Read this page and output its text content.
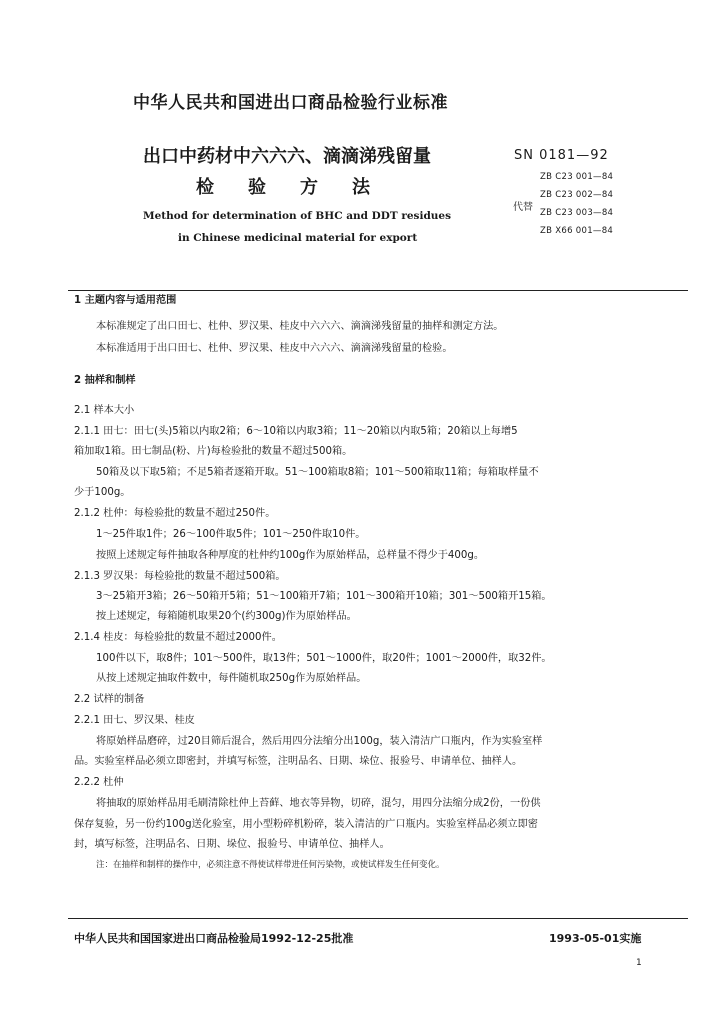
中华人民共和国进出口商品检验行业标准
出口中药材中六六六、滴滴涕残留量
检验方法
Method for determination of BHC and DDT residues
in Chinese medicinal material for export
SN 0181—92
代替
ZB C23 001—84
ZB C23 002—84
ZB C23 003—84
ZB X66 001—84
1 主题内容与适用范围
本标准规定了出口田七、杜仲、罗汉果、桂皮中六六六、滴滴涕残留量的抽样和测定方法。
本标准适用于出口田七、杜仲、罗汉果、桂皮中六六六、滴滴涕残留量的检验。
2 抽样和制样
2.1 样本大小
2.1.1 田七：田七(头)5箱以内取2箱；6～10箱以内取3箱；11～20箱以内取5箱；20箱以上每增5
箱加取1箱。田七制品(粉、片)每检验批的数量不超过500箱。
50箱及以下取5箱；不足5箱者逐箱开取。51～100箱取8箱；101～500箱取11箱；每箱取样量不
少于100g。
2.1.2 杜仲：每检验批的数量不超过250件。
1～25件取1件；26～100件取5件；101～250件取10件。
按照上述规定每件抽取各种厚度的杜仲约100g作为原始样品，总样量不得少于400g。
2.1.3 罗汉果：每检验批的数量不超过500箱。
3～25箱开3箱；26～50箱开5箱；51～100箱开7箱；101～300箱开10箱；301～500箱开15箱。
按上述规定，每箱随机取果20个(约300g)作为原始样品。
2.1.4 桂皮：每检验批的数量不超过2000件。
100件以下，取8件；101～500件，取13件；501～1000件，取20件；1001～2000件，取32件。
从按上述规定抽取件数中，每件随机取250g作为原始样品。
2.2 试样的制备
2.2.1 田七、罗汉果、桂皮
将原始样品磨碎，过20目筛后混合，然后用四分法缩分出100g，装入清洁广口瓶内，作为实验室样
品。实验室样品必须立即密封，并填写标签，注明品名、日期、垛位、报验号、申请单位、抽样人。
2.2.2 杜仲
将抽取的原始样品用毛刷清除杜仲上苔藓、地衣等异物，切碎，混匀，用四分法缩分成2份，一份供
保存复验，另一份约100g送化验室，用小型粉碎机粉碎，装入清洁的广口瓶内。实验室样品必须立即密
封，填写标签，注明品名、日期、垛位、报验号、申请单位、抽样人。
注：在抽样和制样的操作中，必须注意不得使试样带进任何污染物，或使试样发生任何变化。
中华人民共和国国家进出口商品检验局1992-12-25批准	1993-05-01实施
1
